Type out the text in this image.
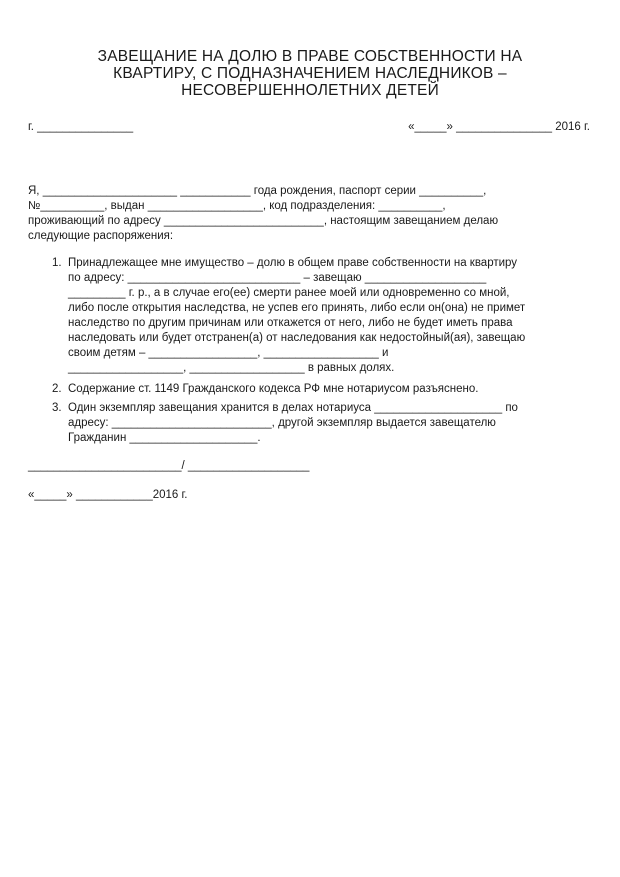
ЗАВЕЩАНИЕ НА ДОЛЮ В ПРАВЕ СОБСТВЕННОСТИ НА
КВАРТИРУ, С ПОДНАЗНАЧЕНИЕМ НАСЛЕДНИКОВ –
НЕСОВЕРШЕННОЛЕТНИХ ДЕТЕЙ
г. _______________	«_____» _______________ 2016 г.
Я, _____________________ ___________ года рождения, паспорт серии __________,
№__________, выдан __________________, код подразделения: __________,
проживающий по адресу _________________________, настоящим завещанием делаю
следующие распоряжения:
1. Принадлежащее мне имущество – долю в общем праве собственности на квартиру
по адресу: ___________________________ – завещаю ___________________
_________ г. р., а в случае его(ее) смерти ранее моей или одновременно со мной,
либо после открытия наследства, не успев его принять, либо если он(она) не примет
наследство по другим причинам или откажется от него, либо не будет иметь права
наследовать или будет отстранен(а) от наследования как недостойный(ая), завещаю
своим детям – _________________, __________________ и
__________________, __________________ в равных долях.
2. Содержание ст. 1149 Гражданского кодекса РФ мне нотариусом разъяснено.
3. Один экземпляр завещания хранится в делах нотариуса ____________________ по
адресу: _________________________, другой экземпляр выдается завещателю
Гражданин ____________________.
________________________/ ___________________
«_____» ____________2016 г.
